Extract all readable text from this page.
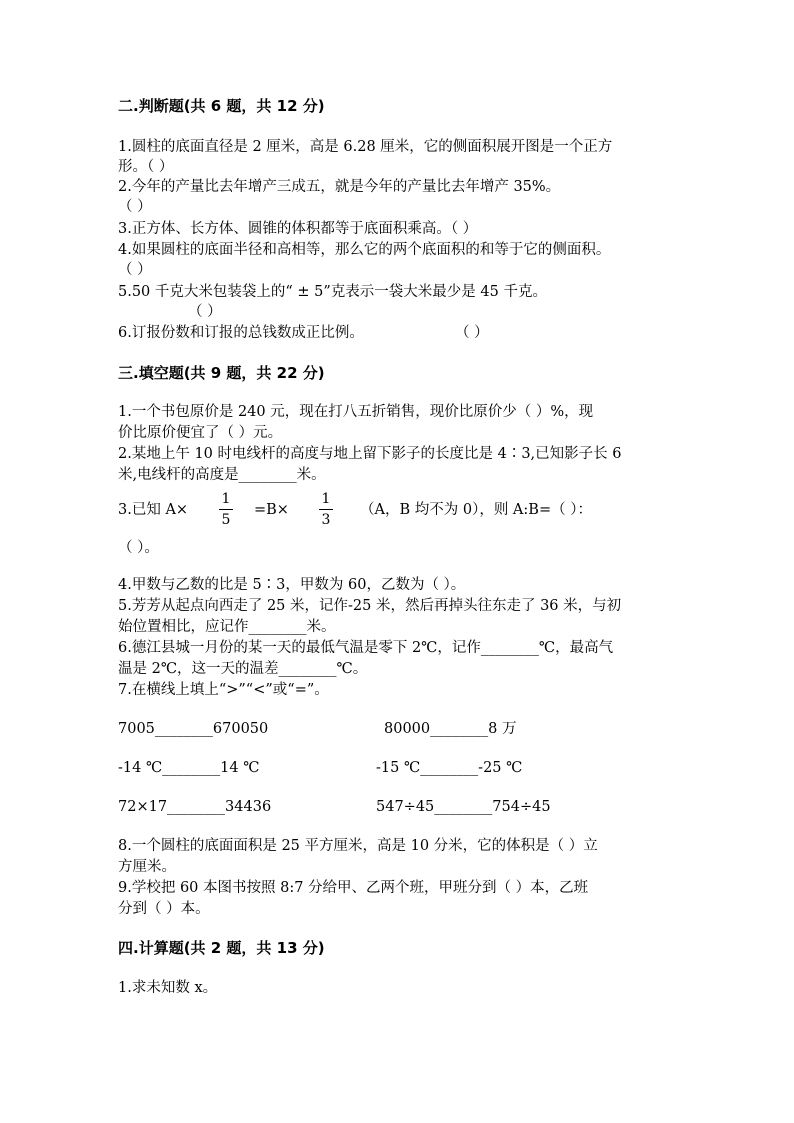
二.判断题(共 6 题，共 12 分)
1.圆柱的底面直径是 2 厘米，高是 6.28 厘米，它的侧面积展开图是一个正方
形。（ ）
2.今年的产量比去年增产三成五，就是今年的产量比去年增产 35%。
（ ）
3.正方体、长方体、圆锥的体积都等于底面积乘高。（ ）
4.如果圆柱的底面半径和高相等，那么它的两个底面积的和等于它的侧面积。
（ ）
5.50 千克大米包装袋上的“ ± 5”克表示一袋大米最少是 45 千克。
（ ）
6.订报份数和订报的总钱数成正比例。	（ ）
三.填空题(共 9 题，共 22 分)
1.一个书包原价是 240 元，现在打八五折销售，现价比原价少（ ）%，现
价比原价便宜了（ ）元。
2.某地上午 10 时电线杆的高度与地上留下影子的长度比是 4∶3,已知影子长 6
米,电线杆的高度是________米。
3.已知 A×
1
5
=B×
1
3
（A，B 均不为 0），则 A:B=（ ）：
（ ）。
4.甲数与乙数的比是 5∶3，甲数为 60，乙数为（ ）。
5.芳芳从起点向西走了 25 米，记作-25 米，然后再掉头往东走了 36 米，与初
始位置相比，应记作________米。
6.德江县城一月份的某一天的最低气温是零下 2℃，记作________℃，最高气
温是 2℃，这一天的温差________℃。
7.在横线上填上“>”“<”或“=”。
7005________670050	80000________8 万
-14 ℃________14 ℃	-15 ℃________-25 ℃
72×17________34436	547÷45________754÷45
8.一个圆柱的底面面积是 25 平方厘米，高是 10 分米，它的体积是（ ）立
方厘米。
9.学校把 60 本图书按照 8:7 分给甲、乙两个班，甲班分到（ ）本，乙班
分到（ ）本。
四.计算题(共 2 题，共 13 分)
1.求未知数 x。
